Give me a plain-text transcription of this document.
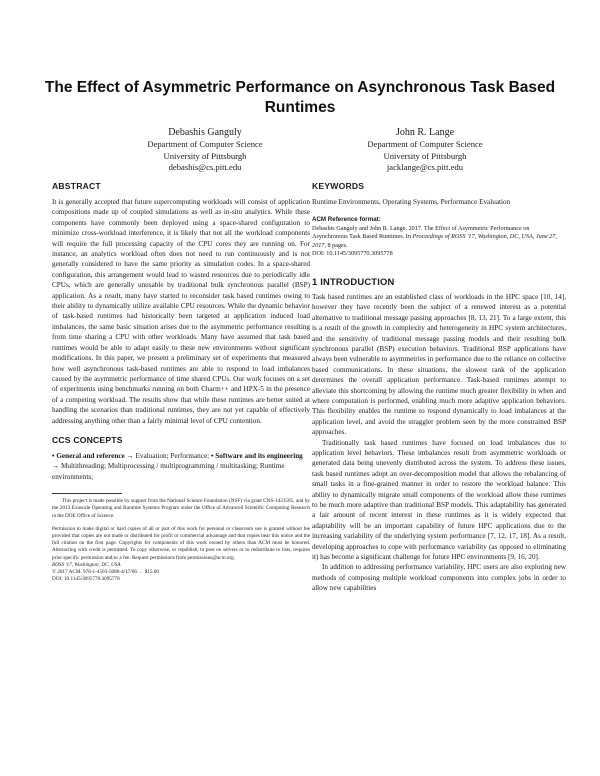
The Effect of Asymmetric Performance on Asynchronous Task Based Runtimes
Debashis Ganguly
Department of Computer Science
University of Pittsburgh
debashis@cs.pitt.edu
John R. Lange
Department of Computer Science
University of Pittsburgh
jacklange@cs.pitt.edu
ABSTRACT

It is generally accepted that future supercomputing workloads will consist of application compositions made up of coupled simulations as well as in-situ analytics. While these components have commonly been deployed using a space-shared configuration to minimize cross-workload interference, it is likely that not all the workload components will require the full processing capacity of the CPU cores they are running on. For instance, an analytics workload often does not need to run continuously and is not generally considered to have the same priority as simulation codes. In a space-shared configuration, this arrangement would lead to wasted resources due to periodically idle CPUs, which are generally unusable by traditional bulk synchronous parallel (BSP) application. As a result, many have started to reconsider task based runtimes owing to their ability to dynamically utilize available CPU resources. While the dynamic behavior of task-based runtimes had historically been targeted at application induced load imbalances, the same basic situation arises due to the asymmetric performance resulting from time sharing a CPU with other workloads. Many have assumed that task based runtimes would be able to adapt easily to these new environments without significant modifications. In this paper, we present a preliminary set of experiments that measured how well asynchronous task-based runtimes are able to respond to load imbalances caused by the asymmetric performance of time shared CPUs. Our work focuses on a set of experiments using benchmarks running on both Charm++ and HPX-5 in the presence of a competing workload. The results show that while these runtimes are better suited at handling the scenarios than traditional runtimes, they are not yet capable of effectively addressing anything other than a fairly minimal level of CPU contention.

CCS CONCEPTS

• General and reference → Evaluation; Performance; • Software and its engineering → Multithreading; Multiprocessing / multiprogramming / multitasking; Runtime environments;

This project is made possible by support from the National Science Foundation (NSF) via grant CNS-1421585, and by the 2013 Exascale Operating and Runtime Systems Program under the Office of Advanced Scientific Computing Research in the DOE Office of Science.

Permission to make digital or hard copies of all or part of this work for personal or classroom use is granted without fee provided that copies are not made or distributed for profit or commercial advantage and that copies bear this notice and the full citation on the first page. Copyrights for components of this work owned by others than ACM must be honored. Abstracting with credit is permitted. To copy otherwise, or republish, to post on servers or to redistribute to lists, requires prior specific permission and/or a fee. Request permissions from permissions@acm.org.

ROSS '17, Washington, DC, USA

© 2017 ACM. 978-1-4503-5086-4/17/06. . . $15.00

DOI: 10.1145/3095770.3095778

KEYWORDS

Runtime Environments, Operating Systems, Performance Evaluation

ACM Reference format:

Debashis Ganguly and John R. Lange. 2017. The Effect of Asymmetric Performance on Asynchronous Task Based Runtimes. In Proceedings of ROSS '17, Washington, DC, USA, June 27, 2017, 8 pages.

DOI: 10.1145/3095770.3095778

1 INTRODUCTION

Task based runtimes are an established class of workloads in the HPC space [10, 14], however they have recently been the subject of a renewed interest as a potential alternative to traditional message passing approaches [8, 13, 21]. To a large extent, this is a result of the growth in complexity and heterogeneity in HPC system architectures, and the sensitivity of traditional message passing models and their resulting bulk synchronous parallel (BSP) execution behaviors. Traditional BSP applications have always been vulnerable to asymmetries in performance due to the reliance on collective based communications. In these situations, the slowest rank of the application determines the overall application performance. Task-based runtimes attempt to alleviate this shortcoming by allowing the runtime much greater flexibility in when and where computation is performed, enabling much more adaptive application behaviors. This flexibility enables the runtime to respond dynamically to load imbalances at the application level, and avoid the straggler problem seen by the more constrained BSP approaches.

Traditionally task based runtimes have focused on load imbalances due to application level behaviors. These imbalances result from asymmetric workloads or generated data being unevenly distributed across the system. To address these issues, task based runtimes adopt an over-decomposition model that allows the rebalancing of small tasks in a fine-grained manner in order to restore the workload balance. This ability to dynamically migrate small components of the workload allow these runtimes to be much more adaptive than traditional BSP models. This adaptability has generated a fair amount of recent interest in these runtimes as it is widely expected that adaptability will be an important capability of future HPC applications due to the increasing variability of the underlying system performance [7, 12, 17, 18]. As a result, developing approaches to cope with performance variability (as opposed to eliminating it) has become a significant challenge for future HPC environments [9, 16, 20].

In addition to addressing performance variability, HPC users are also exploring new methods of composing multiple workload components into complex jobs in order to allow new capabilities
